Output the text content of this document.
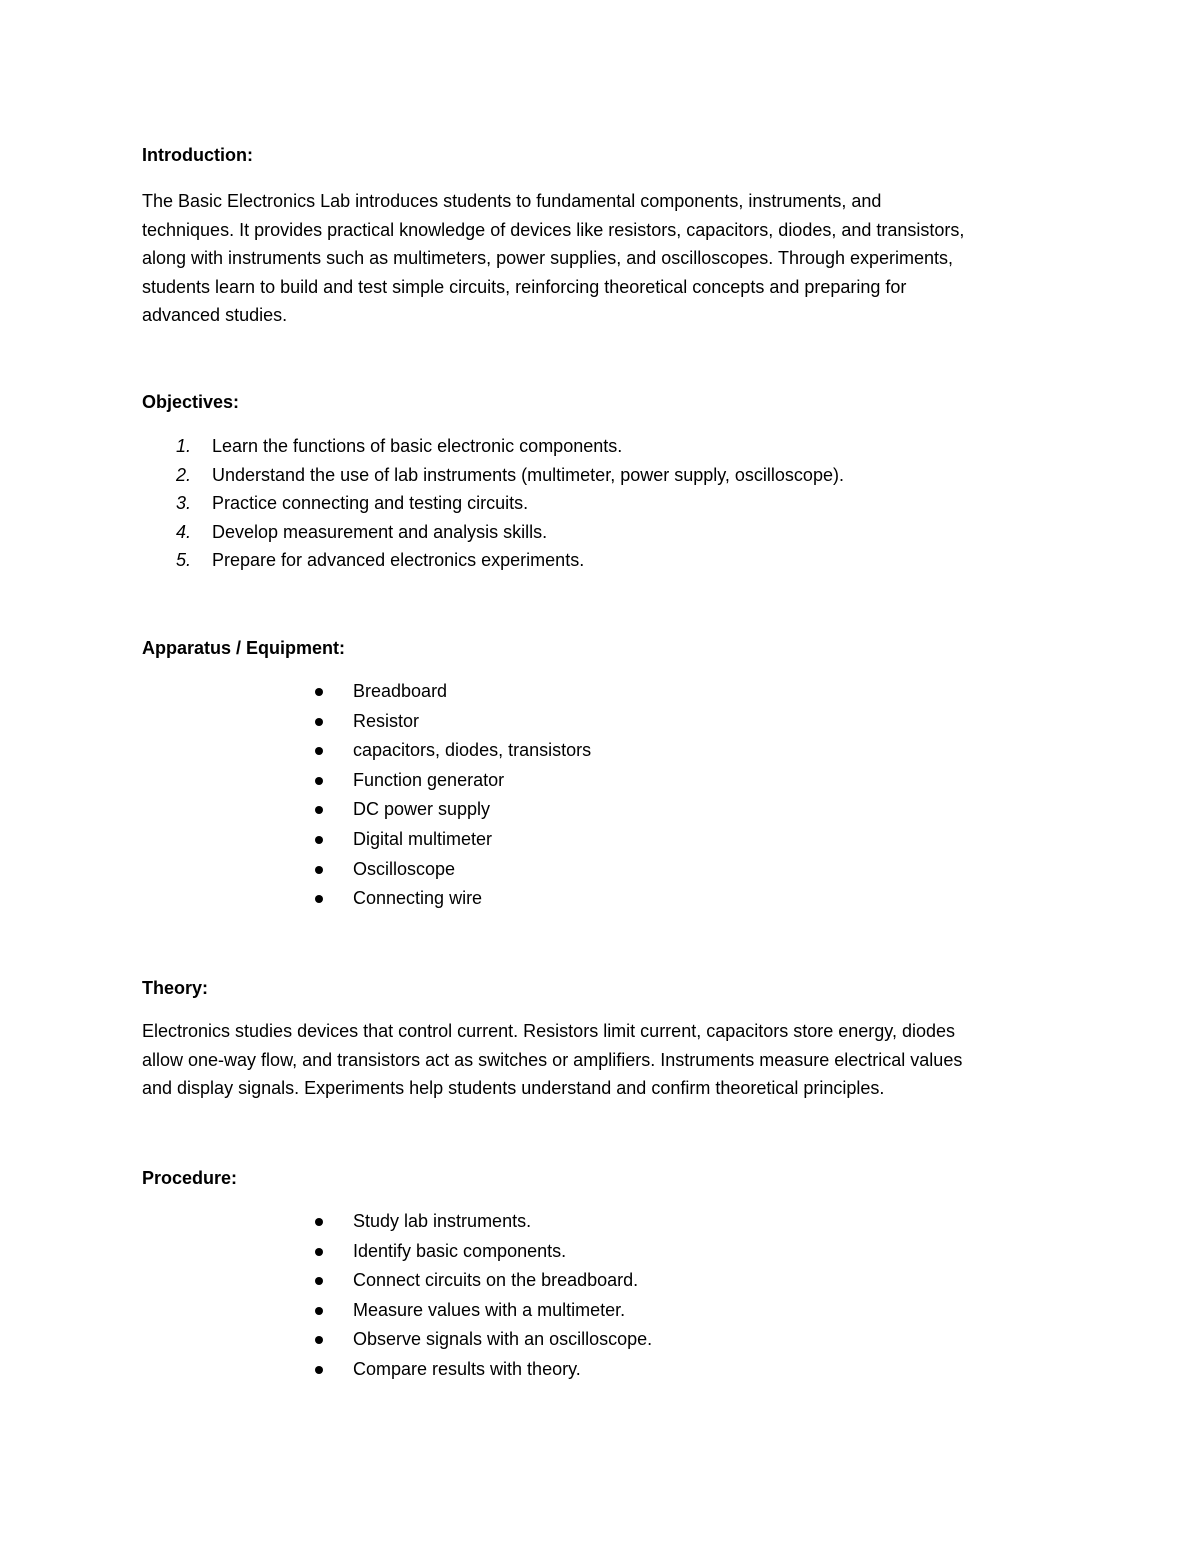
Introduction:

The Basic Electronics Lab introduces students to fundamental components, instruments, and
techniques. It provides practical knowledge of devices like resistors, capacitors, diodes, and transistors,
along with instruments such as multimeters, power supplies, and oscilloscopes. Through experiments,
students learn to build and test simple circuits, reinforcing theoretical concepts and preparing for
advanced studies.

Objectives:

1. Learn the functions of basic electronic components.
2. Understand the use of lab instruments (multimeter, power supply, oscilloscope).
3. Practice connecting and testing circuits.
4. Develop measurement and analysis skills.
5. Prepare for advanced electronics experiments.

Apparatus / Equipment:

Breadboard
Resistor
capacitors, diodes, transistors
Function generator
DC power supply
Digital multimeter
Oscilloscope
Connecting wire

Theory:

Electronics studies devices that control current. Resistors limit current, capacitors store energy, diodes
allow one-way flow, and transistors act as switches or amplifiers. Instruments measure electrical values
and display signals. Experiments help students understand and confirm theoretical principles.

Procedure:

Study lab instruments.
Identify basic components.
Connect circuits on the breadboard.
Measure values with a multimeter.
Observe signals with an oscilloscope.
Compare results with theory.
